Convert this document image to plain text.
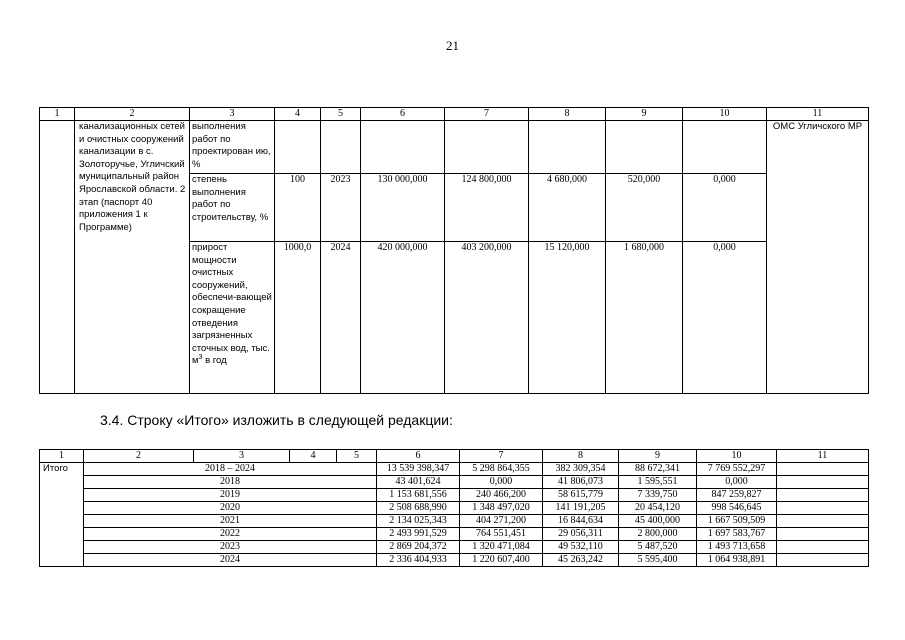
21
1	2	3	4	5	6	7	8	9	10	11
	канализационных сетей и очистных сооружений канализации в с. Золоторучье, Угличский муниципальный район Ярославской области. 2 этап (паспорт 40 приложения 1 к Программе)	выполнения работ по проектирован ию, %								ОМС Угличского МР
		степень выполнения работ по строительству, %	100	2023	130 000,000	124 800,000	4 680,000	520,000	0,000	
		прирост мощности очистных сооружений, обеспечи-вающей сокращение отведения загрязненных сточных вод, тыс. $м^3$ в год	1000,0	2024	420 000,000	403 200,000	15 120,000	1 680,000	0,000	
3.4. Строку «Итого» изложить в следующей редакции:
1	2	3	4	5	6	7	8	9	10	11
Итого	2018 – 2024				13 539 398,347	5 298 864,355	382 309,354	88 672,341	7 769 552,297	
	2018				43 401,624	0,000	41 806,073	1 595,551	0,000	
	2019				1 153 681,556	240 466,200	58 615,779	7 339,750	847 259,827	
	2020				2 508 688,990	1 348 497,020	141 191,205	20 454,120	998 546,645	
	2021				2 134 025,343	404 271,200	16 844,634	45 400,000	1 667 509,509	
	2022				2 493 991,529	764 551,451	29 056,311	2 800,000	1 697 583,767	
	2023				2 869 204,372	1 320 471,084	49 532,110	5 487,520	1 493 713,658	
	2024				2 336 404,933	1 220 607,400	45 263,242	5 595,400	1 064 938,891	
